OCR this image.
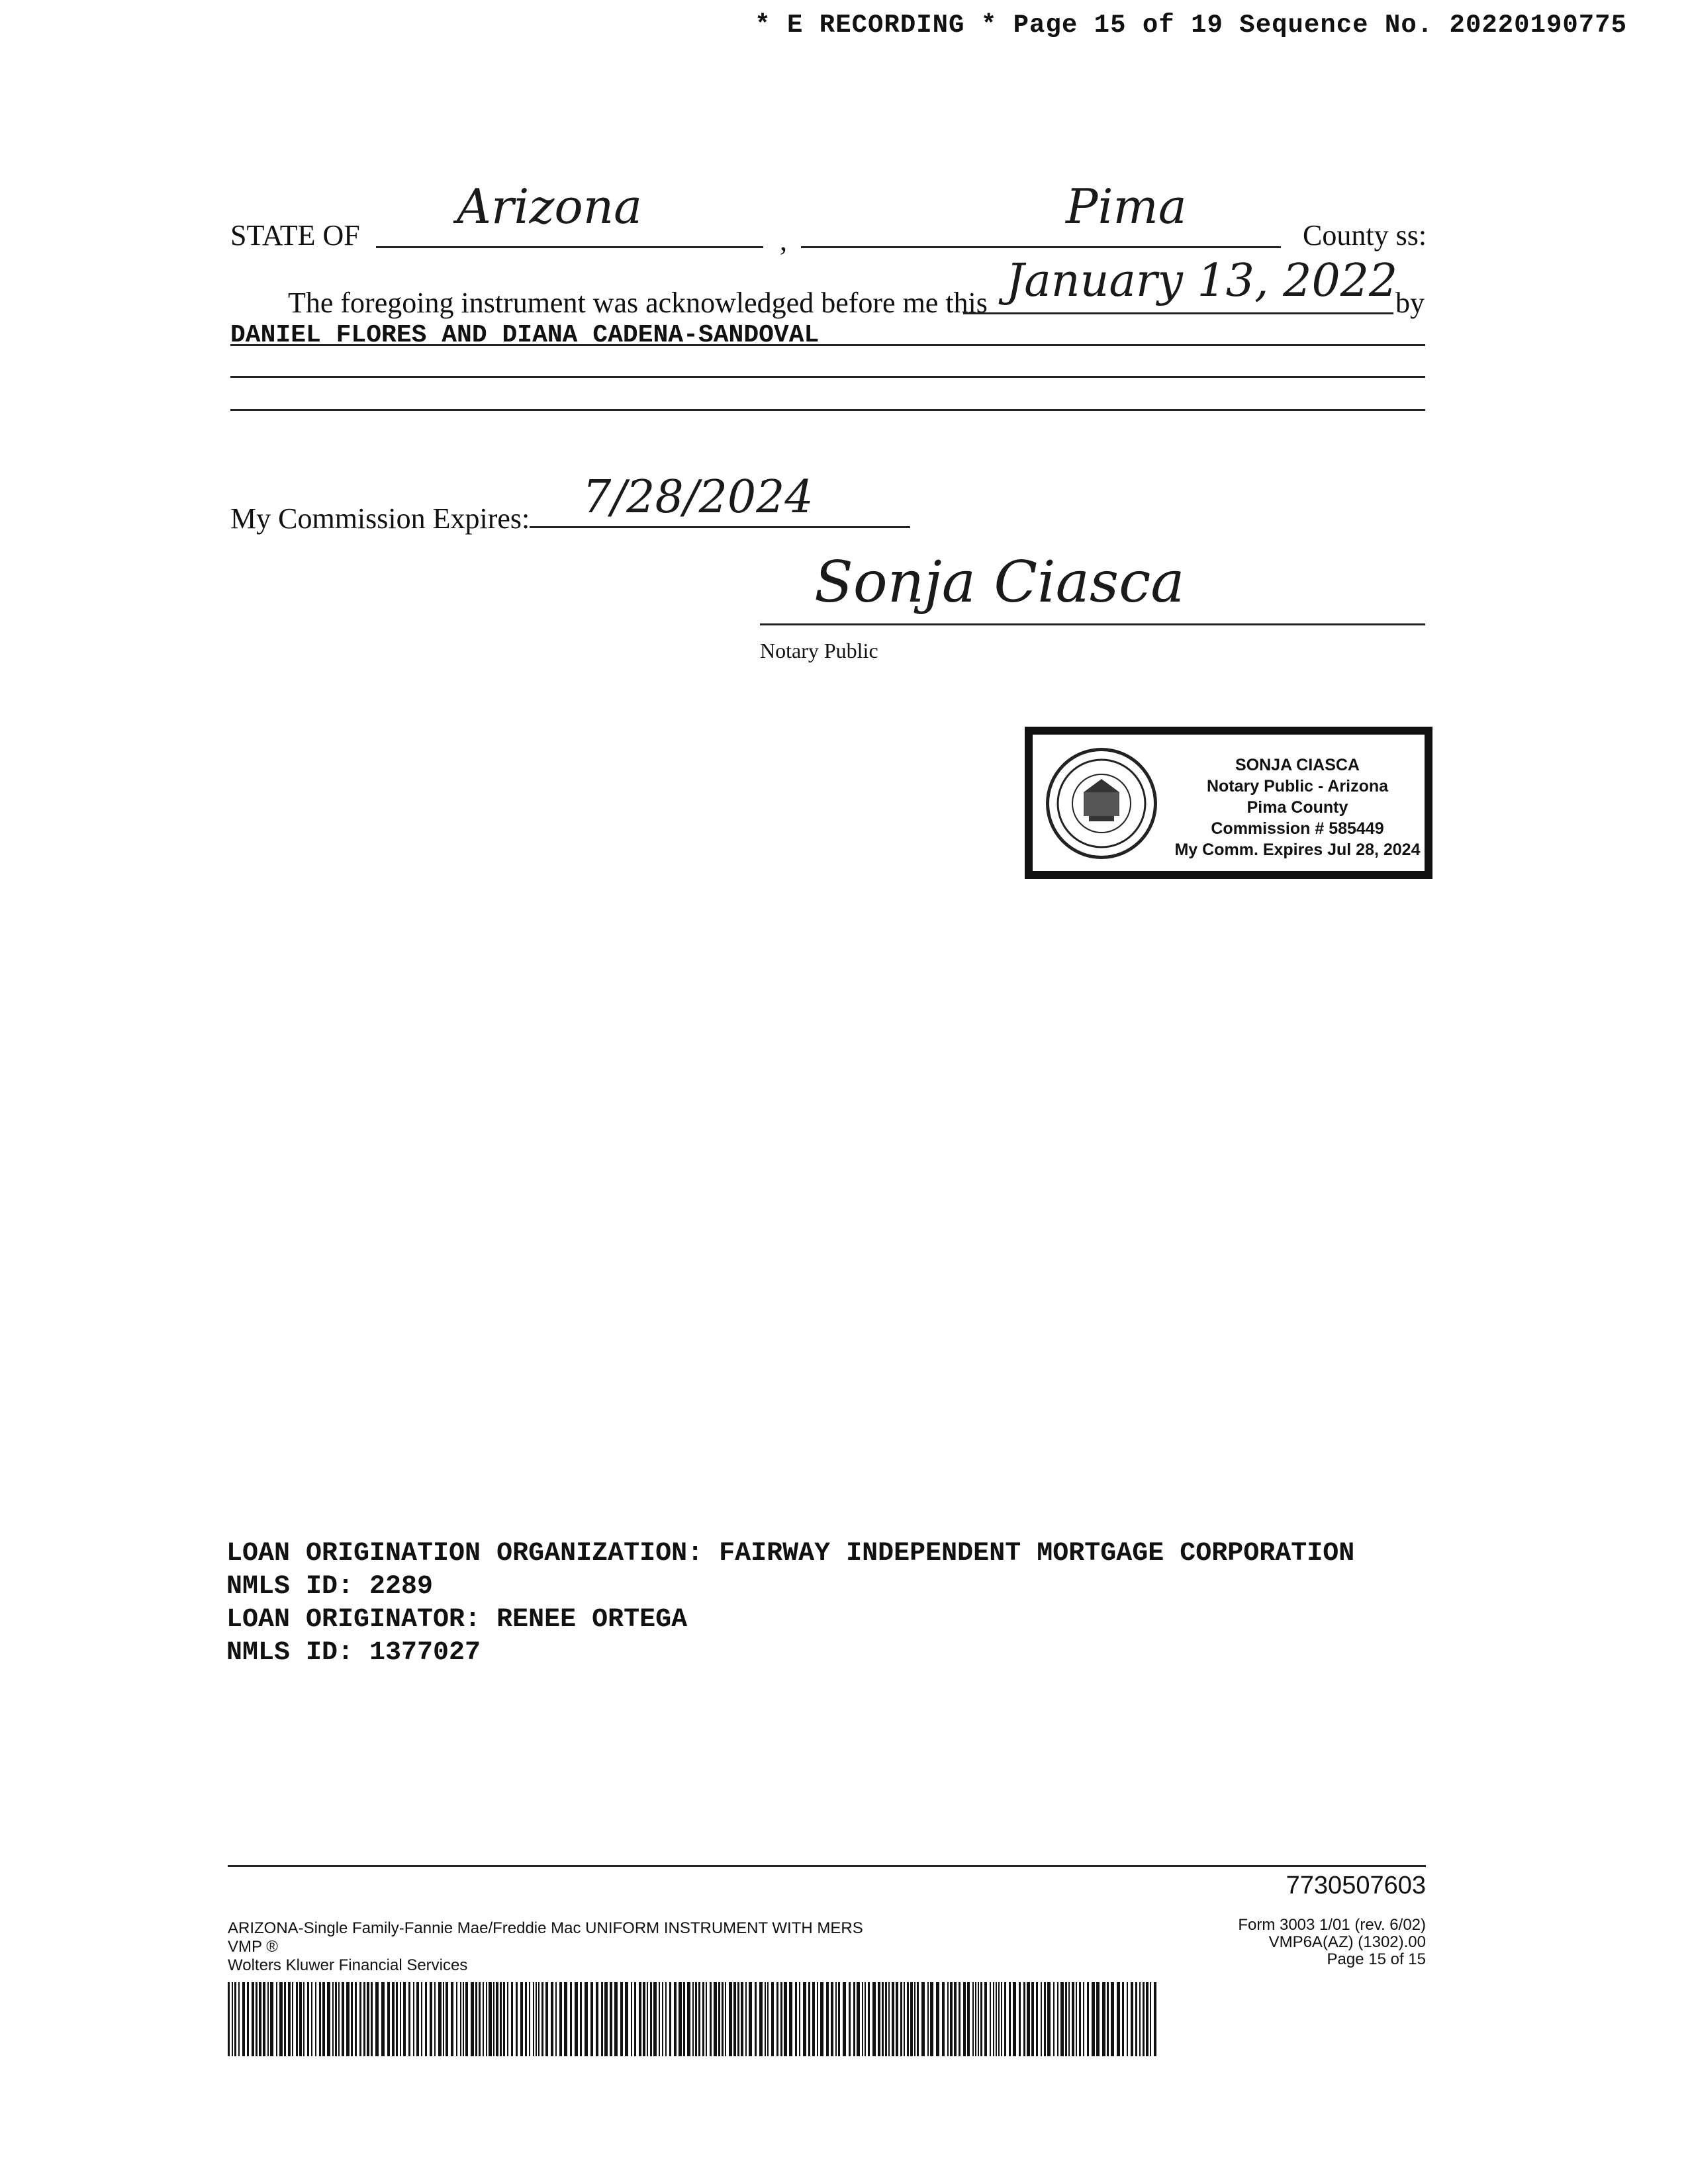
* E RECORDING * Page 15 of 19 Sequence No. 20220190775
STATE OF
Arizona
,
Pima
County ss:
The foregoing instrument was acknowledged before me this January 13, 2022
by
DANIEL FLORES AND DIANA CADENA-SANDOVAL
My Commission Expires: 7/28/2024
Sonja Ciasca
Notary Public
SONJA CIASCA
Notary Public - Arizona
Pima County
Commission # 585449
My Comm. Expires Jul 28, 2024
LOAN ORIGINATION ORGANIZATION: FAIRWAY INDEPENDENT MORTGAGE CORPORATION
NMLS ID: 2289
LOAN ORIGINATOR: RENEE ORTEGA
NMLS ID: 1377027
7730507603
ARIZONA-Single Family-Fannie Mae/Freddie Mac UNIFORM INSTRUMENT WITH MERS
VMP ®
Wolters Kluwer Financial Services
Form 3003 1/01 (rev. 6/02)
VMP6A(AZ) (1302).00
Page 15 of 15
